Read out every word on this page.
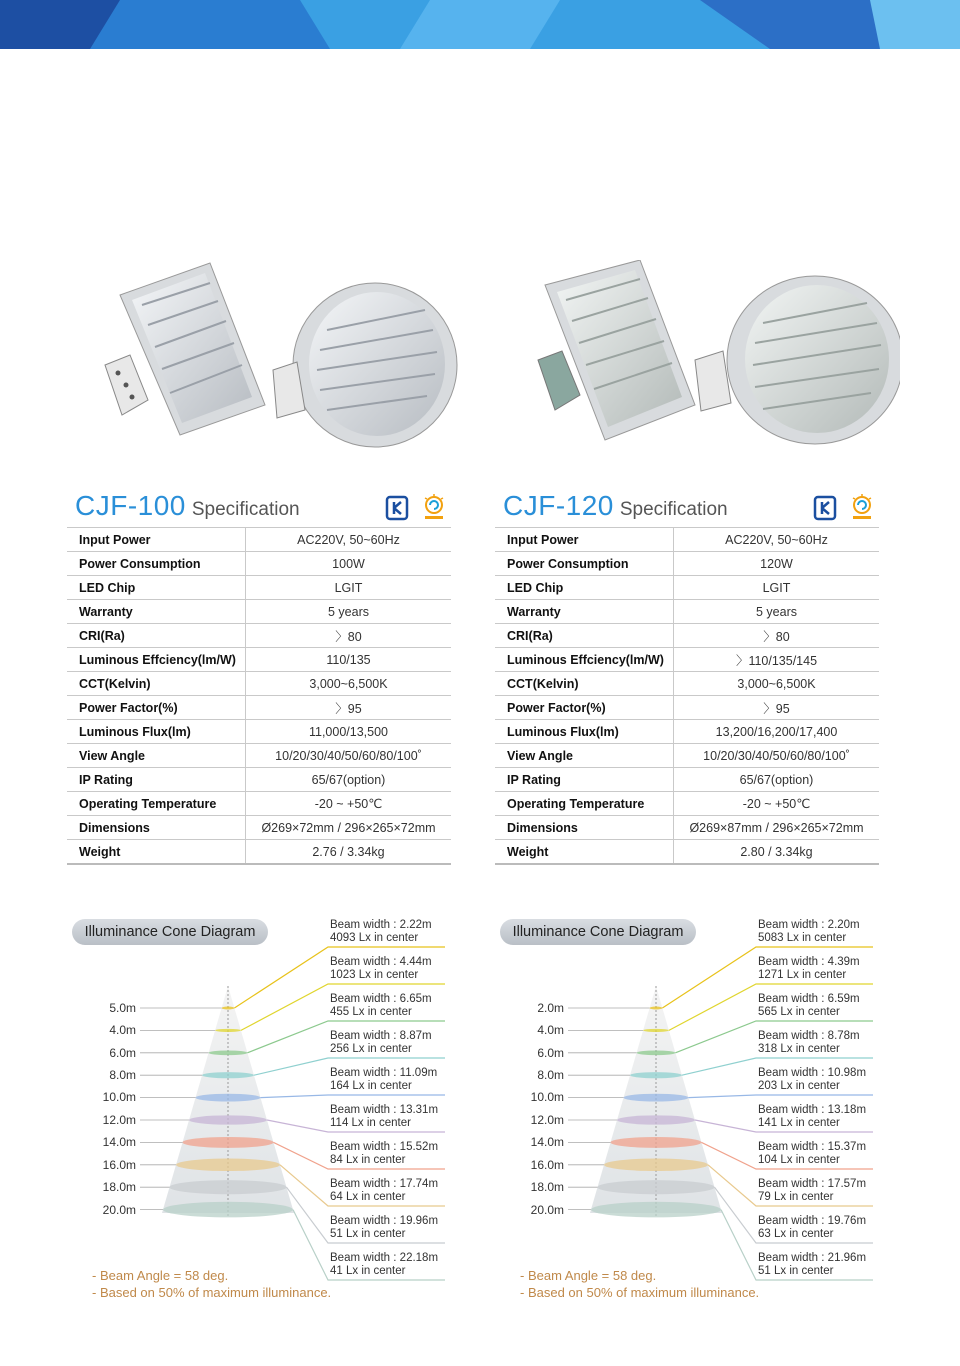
CJF-100 Specification
Input Power	AC220V, 50~60Hz
Power Consumption	100W
LED Chip	LGIT
Warranty	5 years
CRI(Ra)	〉80
Luminous Effciency(lm/W)	110/135
CCT(Kelvin)	3,000~6,500K
Power Factor(%)	〉95
Luminous Flux(lm)	11,000/13,500
View Angle	10/20/30/40/50/60/80/100˚
IP Rating	65/67(option)
Operating Temperature	-20 ~ +50℃
Dimensions	Ø269×72mm / 296×265×72mm
Weight	2.76 / 3.34kg
CJF-120 Specification
Input Power	AC220V, 50~60Hz
Power Consumption	120W
LED Chip	LGIT
Warranty	5 years
CRI(Ra)	〉80
Luminous Effciency(lm/W)	〉110/135/145
CCT(Kelvin)	3,000~6,500K
Power Factor(%)	〉95
Luminous Flux(lm)	13,200/16,200/17,400
View Angle	10/20/30/40/50/60/80/100˚
IP Rating	65/67(option)
Operating Temperature	-20 ~ +50℃
Dimensions	Ø269×87mm / 296×265×72mm
Weight	2.80 / 3.34kg
Illuminance Cone Diagram
5.0m
4.0m
6.0m
8.0m
10.0m
12.0m
14.0m
16.0m
18.0m
20.0m
Beam width : 2.22m
4093 Lx in center
Beam width : 4.44m
1023 Lx in center
Beam width : 6.65m
455 Lx in center
Beam width : 8.87m
256 Lx in center
Beam width : 11.09m
164 Lx in center
Beam width : 13.31m
114 Lx in center
Beam width : 15.52m
84 Lx in center
Beam width : 17.74m
64 Lx in center
Beam width : 19.96m
51 Lx in center
Beam width : 22.18m
41 Lx in center
- Beam Angle = 58 deg.
- Based on 50% of maximum illuminance.
Illuminance Cone Diagram
2.0m
4.0m
6.0m
8.0m
10.0m
12.0m
14.0m
16.0m
18.0m
20.0m
Beam width : 2.20m
5083 Lx in center
Beam width : 4.39m
1271 Lx in center
Beam width : 6.59m
565 Lx in center
Beam width : 8.78m
318 Lx in center
Beam width : 10.98m
203 Lx in center
Beam width : 13.18m
141 Lx in center
Beam width : 15.37m
104 Lx in center
Beam width : 17.57m
79 Lx in center
Beam width : 19.76m
63 Lx in center
Beam width : 21.96m
51 Lx in center
- Beam Angle = 58 deg.
- Based on 50% of maximum illuminance.
